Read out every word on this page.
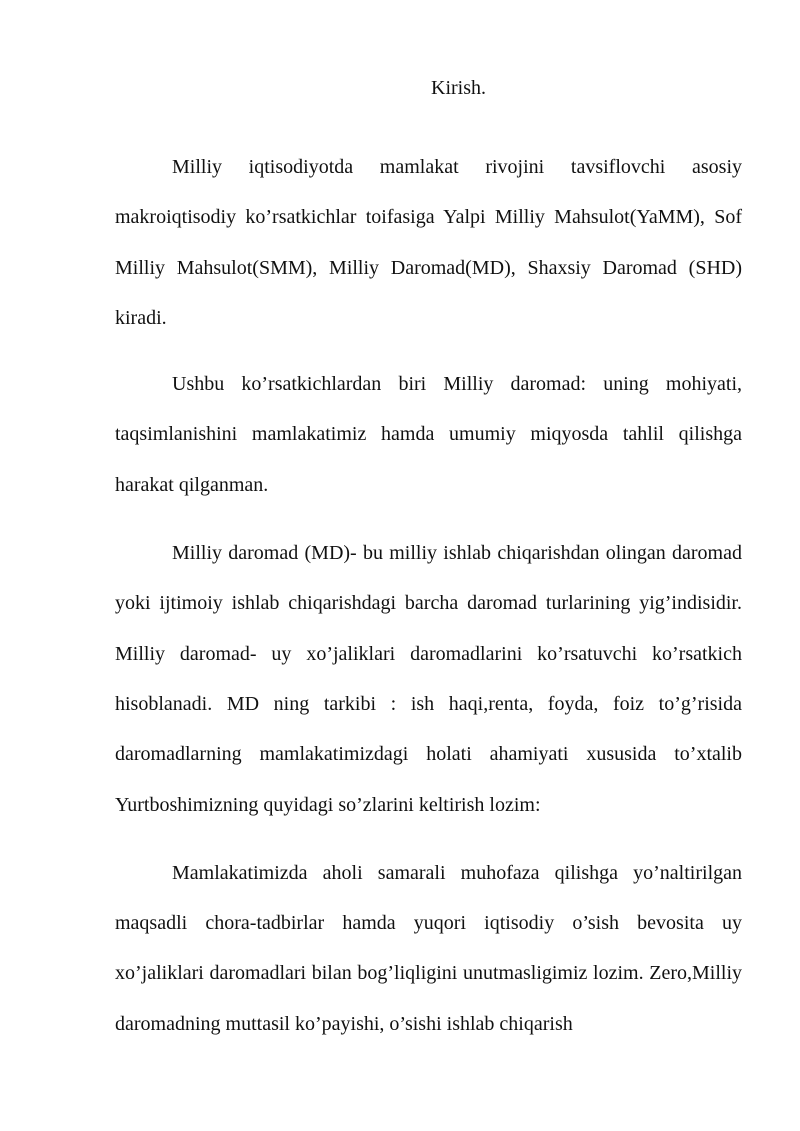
Kirish.

Milliy iqtisodiyotda mamlakat rivojini tavsiflovchi asosiy makroiqtisodiy ko’rsatkichlar toifasiga Yalpi Milliy Mahsulot(YaMM), Sof Milliy Mahsulot(SMM), Milliy Daromad(MD), Shaxsiy Daromad (SHD) kiradi.

Ushbu ko’rsatkichlardan biri Milliy daromad: uning mohiyati, taqsimlanishini mamlakatimiz hamda umumiy miqyosda tahlil qilishga harakat qilganman.

Milliy daromad (MD)- bu milliy ishlab chiqarishdan olingan daromad yoki ijtimoiy ishlab chiqarishdagi barcha daromad turlarining yig’indisidir. Milliy daromad- uy xo’jaliklari daromadlarini ko’rsatuvchi ko’rsatkich hisoblanadi. MD ning tarkibi : ish haqi,renta, foyda, foiz to’g’risida daromadlarning mamlakatimizdagi holati ahamiyati xususida to’xtalib Yurtboshimizning quyidagi so’zlarini keltirish lozim:

Mamlakatimizda aholi samarali muhofaza qilishga yo’naltirilgan maqsadli chora-tadbirlar hamda yuqori iqtisodiy o’sish bevosita uy xo’jaliklari daromadlari bilan bog’liqligini unutmasligimiz lozim. Zero,Milliy daromadning muttasil ko’payishi, o’sishi ishlab chiqarish
